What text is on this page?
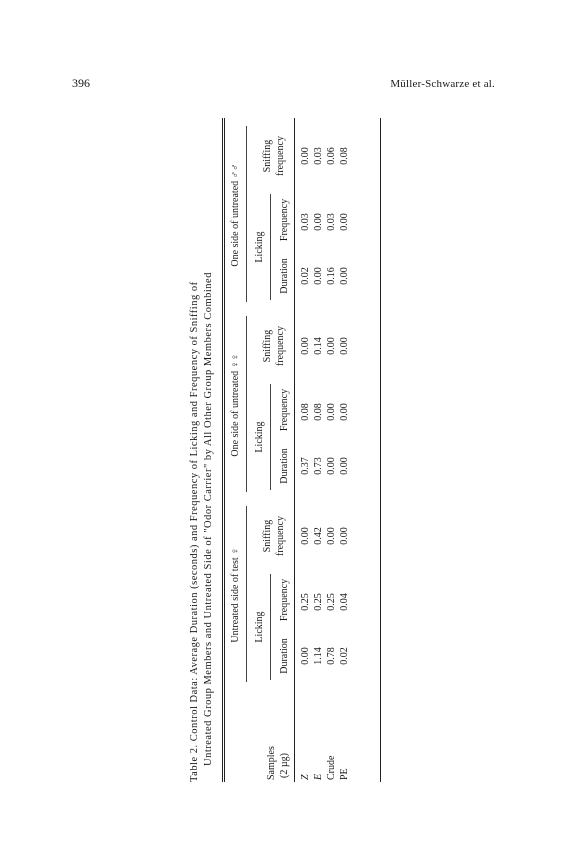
396	Müller-Schwarze et al.
Table 2. Control Data: Average Duration (seconds) and Frequency of Licking and Frequency of Sniffing of Untreated Group Members and Untreated Side of "Odor Carrier" by All Other Group Members Combined Untreated side of test ♀
One side of untreated ♀♀
One side of untreated ♂♂
Samples (2 µg)
Licking
Sniffing frequency
Duration
Frequency
Licking
Sniffing frequency
Duration
Frequency
Licking
Sniffing frequency
Duration
Frequency
Z
0.00
0.25
0.00
0.37
0.08
0.00
0.02
0.03
0.00
E
1.14
0.25
0.42
0.73
0.08
0.14
0.00
0.00
0.03
Crude
0.78
0.25
0.00
0.00
0.00
0.00
0.16
0.03
0.06
PE
0.02
0.04
0.00
0.00
0.00
0.00
0.00
0.00
0.08
